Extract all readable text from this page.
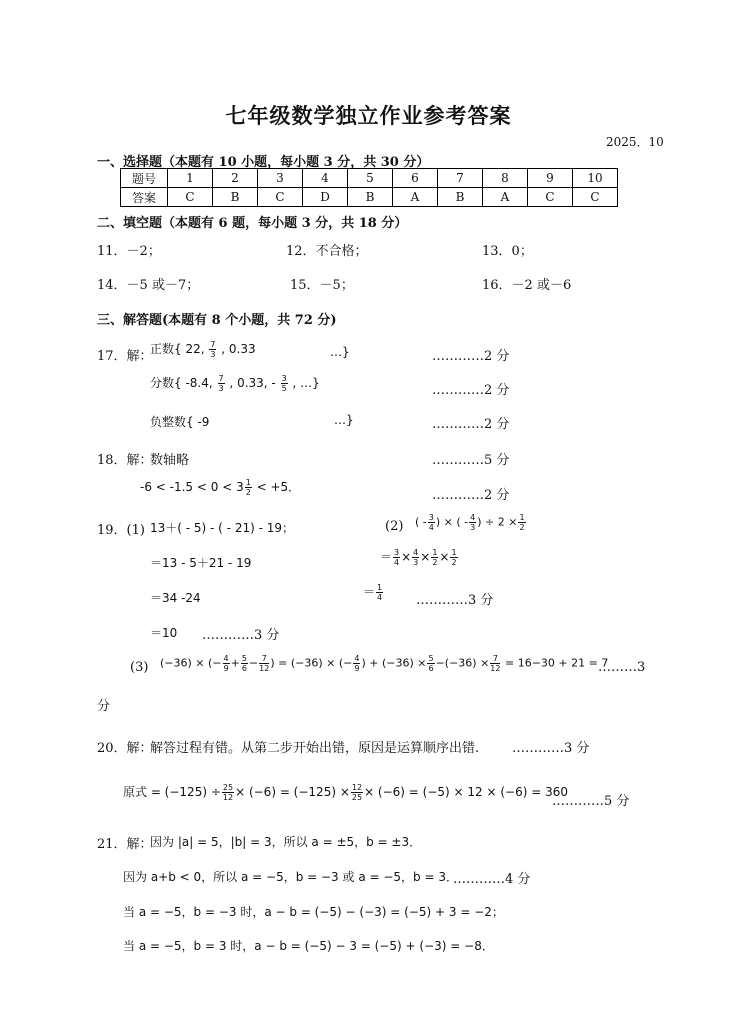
七年级数学独立作业参考答案
2025．10
一、选择题（本题有 10 小题，每小题 3 分，共 30 分）
题号	1	2	3	4	5	6	7	8	9	10
答案	C	B	C	D	B	A	B	A	C	C
二、填空题（本题有 6 题，每小题 3 分，共 18 分）
11．－2；	12．不合格；	13．0；
14．－5 或－7；	15．－5；	16．－2 或－6
三、解答题(本题有 8 个小题，共 72 分)
17．解：
正数{ 22, $\frac{7}{3}$ , 0.33	…}	…………2 分
分数{ -8.4, $\frac{7}{3}$ , 0.33, - $\frac{3}{5}$ , …}	…………2 分
负整数{ -9	…}	…………2 分
18．解：
数轴略	…………5 分
$-6 < -1.5 < 0 < 3 \frac{1}{2} < +5$．
…………2 分
19．(1) 13＋( - 5) - ( - 21) - 19；
＝13 - 5＋21 - 19
＝34 -24
＝10 …………3 分
(2) ( - $\frac{3}{4}$ ) × ( - $\frac{4}{3}$ ) ÷ $2 \times \frac{1}{2}$
＝ $\frac{3}{4} \times \frac{4}{3} \times \frac{1}{2} \times \frac{1}{2}$
＝ $\frac{1}{4}$	…………3 分
(3) (−36) × (− $\frac{4}{9} + \frac{5}{6} - \frac{7}{12}$ ) = (−36) × (− $\frac{4}{9}$ ) + $(-36) \times \frac{5}{6} -(-36) \times \frac{7}{12} = 16-30 + 21 = 7$
………3
分
20．解：
解答过程有错。从第二步开始出错，原因是运算顺序出错.	…………3 分
原式 = $(-125) \div \frac{25}{12} \times (-6) = (-125) \times \frac{12}{25} \times (-6) = (-5) \times 12 \times (-6) = 360$
…………5 分
21．解：
因为 |a| = 5，|b| = 3，所以 a = ±5，b = ±3．
因为 a+b < 0，所以 a = −5，b = −3 或 a = −5，b = 3．
…………4 分
当 a = −5，b = −3 时，a − b = (−5) − (−3) = (−5) + 3 = −2；
当 a = −5，b = 3 时，a − b = (−5) − 3 = (−5) + (−3) = −8．
